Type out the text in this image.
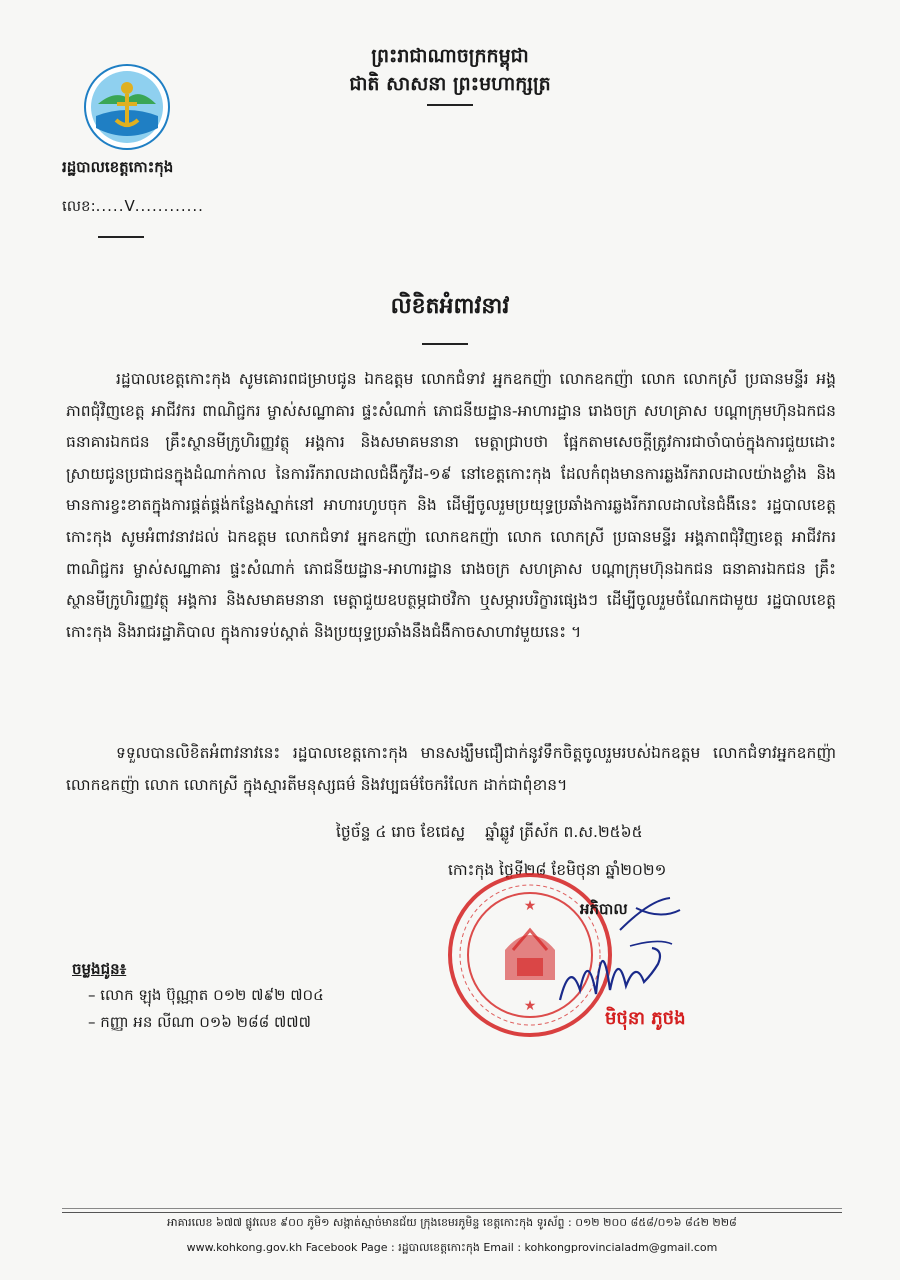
ព្រះរាជាណាចក្រកម្ពុជា
ជាតិ សាសនា ព្រះមហាក្សត្រ
រដ្ឋបាលខេត្តកោះកុង
លេខ:.....V............
លិខិតអំពាវនាវ

រដ្ឋបាលខេត្តកោះកុង សូមគោរពជម្រាបជូន ឯកឧត្តម លោកជំទាវ អ្នកឧកញ៉ា លោកឧកញ៉ា លោក លោកស្រី ប្រធានមន្ទីរ អង្គភាពជុំវិញខេត្ត អាជីវករ ពាណិជ្ជករ ម្ចាស់សណ្ឋាគារ ផ្ទះសំណាក់ ភោជនីយដ្ឋាន-អាហារដ្ឋាន រោងចក្រ សហគ្រាស បណ្តាក្រុមហ៊ុនឯកជន ធនាគារឯកជន គ្រឹះស្ថានមីក្រូហិរញ្ញវត្ថុ អង្គការ និងសមាគមនានា មេត្តាជ្រាបថា ផ្អែកតាមសេចក្តីត្រូវការជាចាំបាច់ក្នុងការជួយដោះស្រាយជូនប្រជាជនក្នុងដំណាក់កាល នៃការរីករាលដាលជំងឺកូវីដ-១៩ នៅខេត្តកោះកុង ដែលកំពុងមានការឆ្លងរីករាលដាលយ៉ាងខ្លាំង និងមានការខ្វះខាតក្នុងការផ្គត់ផ្គង់កន្លែងស្នាក់នៅ អាហារហូបចុក និង ដើម្បីចូលរួមប្រយុទ្ធប្រឆាំងការឆ្លងរីករាលដាលនៃជំងឺនេះ រដ្ឋបាលខេត្តកោះកុង សូមអំពាវនាវដល់ ឯកឧត្តម លោកជំទាវ អ្នកឧកញ៉ា លោកឧកញ៉ា លោក លោកស្រី ប្រធានមន្ទីរ អង្គភាពជុំវិញខេត្ត អាជីវករ ពាណិជ្ជករ ម្ចាស់សណ្ឋាគារ ផ្ទះសំណាក់ ភោជនីយដ្ឋាន-អាហារដ្ឋាន រោងចក្រ សហគ្រាស បណ្តាក្រុមហ៊ុនឯកជន ធនាគារឯកជន គ្រឹះស្ថានមីក្រូហិរញ្ញវត្ថុ អង្គការ និងសមាគមនានា មេត្តាជួយឧបត្ថម្ភជាថវិកា ឬសម្ភារបរិក្ខារផ្សេងៗ ដើម្បីចូលរួមចំណែកជាមួយ រដ្ឋបាលខេត្តកោះកុង និងរាជរដ្ឋាភិបាល ក្នុងការទប់ស្កាត់ និងប្រយុទ្ធប្រឆាំងនឹងជំងឺកាចសាហាវមួយនេះ ។

ទទួលបានលិខិតអំពាវនាវនេះ រដ្ឋបាលខេត្តកោះកុង មានសង្ឃឹមជឿជាក់នូវទឹកចិត្តចូលរួមរបស់ឯកឧត្តម លោកជំទាវអ្នកឧកញ៉ា លោកឧកញ៉ា លោក លោកស្រី ក្នុងស្មារតីមនុស្សធម៌ និងវប្បធម៌ចែករំលែក ដាក់ជាពុំខាន។

ថ្ងៃច័ន្ទ ៤ រោច ខែជេស្ឋ ឆ្នាំឆ្លូវ ត្រីស័ក ព.ស.២៥៦៥
កោះកុង ថ្ងៃទី២៨ ខែមិថុនា ឆ្នាំ២០២១
★
★
អភិបាល
មិថុនា ភូថង
ចម្លងជូន៖
– លោក ឡុង ប៊ុណ្ណាត ០១២ ៧៩២ ៧០៤
– កញ្ញា អន លីណា ០១៦ ២៨៨ ៧៧៧
អាគារលេខ ៦៧៧ ផ្លូវលេខ ៩០០ ភូមិ១ សង្កាត់ស្មាច់មានជ័យ ក្រុងខេមរភូមិន្ទ ខេត្តកោះកុង ទូរស័ព្ទ : ០១២ ២០០ ៨៥៨/០១៦ ៨៤២ ២២៨
www.kohkong.gov.kh Facebook Page : រដ្ឋបាលខេត្តកោះកុង Email : kohkongprovincialadm@gmail.com
